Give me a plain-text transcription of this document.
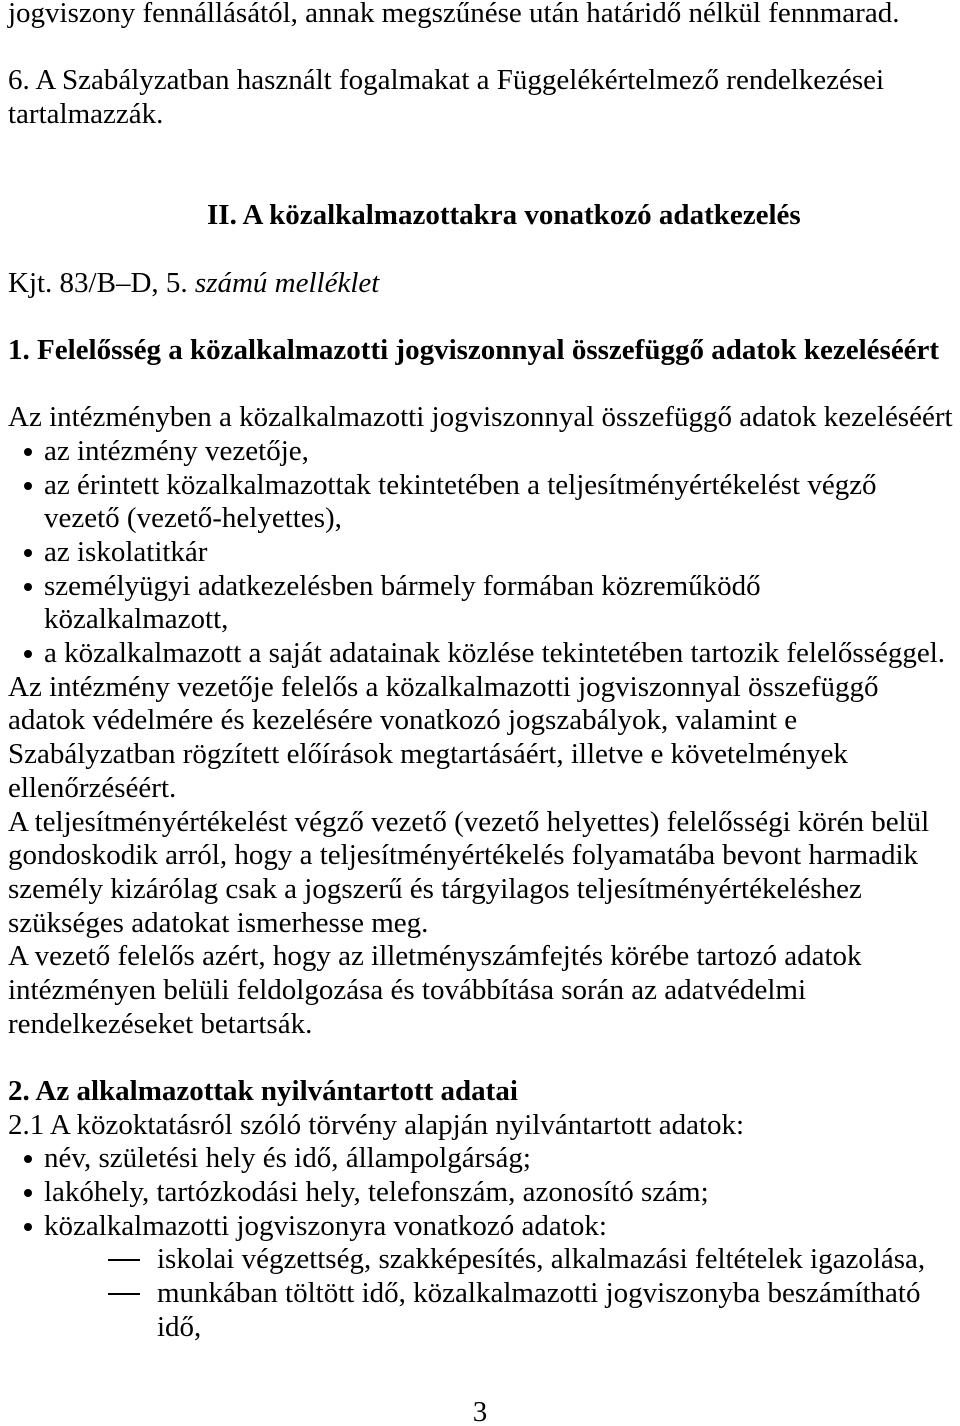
jogviszony fennállásától, annak megszűnése után határidő nélkül fennmarad.
6. A Szabályzatban használt fogalmakat a Függelékértelmező rendelkezései
tartalmazzák.
II. A közalkalmazottakra vonatkozó adatkezelés
Kjt. 83/B–D, 5. számú melléklet
1. Felelősség a közalkalmazotti jogviszonnyal összefüggő adatok kezeléséért
Az intézményben a közalkalmazotti jogviszonnyal összefüggő adatok kezeléséért
az intézmény vezetője,
az érintett közalkalmazottak tekintetében a teljesítményértékelést végző
vezető (vezető-helyettes),
az iskolatitkár
személyügyi adatkezelésben bármely formában közreműködő
közalkalmazott,
a közalkalmazott a saját adatainak közlése tekintetében tartozik felelősséggel.
Az intézmény vezetője felelős a közalkalmazotti jogviszonnyal összefüggő
adatok védelmére és kezelésére vonatkozó jogszabályok, valamint e
Szabályzatban rögzített előírások megtartásáért, illetve e követelmények
ellenőrzéséért.
A teljesítményértékelést végző vezető (vezető helyettes) felelősségi körén belül
gondoskodik arról, hogy a teljesítményértékelés folyamatába bevont harmadik
személy kizárólag csak a jogszerű és tárgyilagos teljesítményértékeléshez
szükséges adatokat ismerhesse meg.
A vezető felelős azért, hogy az illetményszámfejtés körébe tartozó adatok
intézményen belüli feldolgozása és továbbítása során az adatvédelmi
rendelkezéseket betartsák.
2. Az alkalmazottak nyilvántartott adatai
2.1 A közoktatásról szóló törvény alapján nyilvántartott adatok:
név, születési hely és idő, állampolgárság;
lakóhely, tartózkodási hely, telefonszám, azonosító szám;
közalkalmazotti jogviszonyra vonatkozó adatok:
iskolai végzettség, szakképesítés, alkalmazási feltételek igazolása,
munkában töltött idő, közalkalmazotti jogviszonyba beszámítható
idő,
3
